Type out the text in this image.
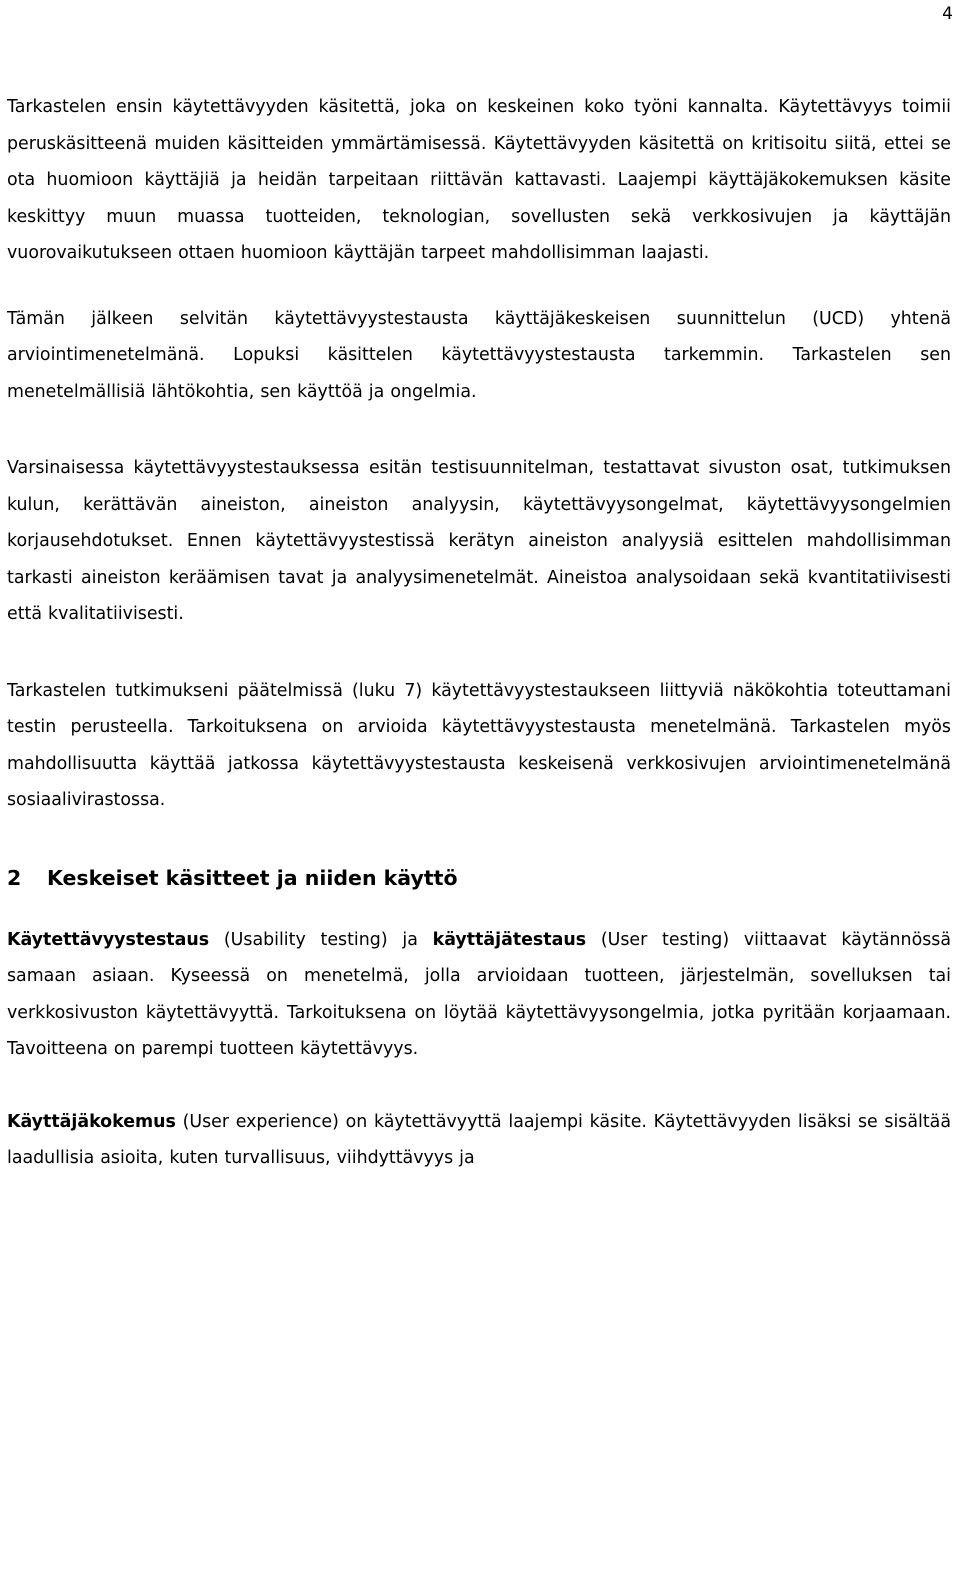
4

Tarkastelen ensin käytettävyyden käsitettä, joka on keskeinen koko työni kannalta. Käytettävyys toimii peruskäsitteenä muiden käsitteiden ymmärtämisessä. Käytettävyyden käsitettä on kritisoitu siitä, ettei se ota huomioon käyttäjiä ja heidän tarpeitaan riittävän kattavasti. Laajempi käyttäjäkokemuksen käsite keskittyy muun muassa tuotteiden, teknologian, sovellusten sekä verkkosivujen ja käyttäjän vuorovaikutukseen ottaen huomioon käyttäjän tarpeet mahdollisimman laajasti.

Tämän jälkeen selvitän käytettävyystestausta käyttäjäkeskeisen suunnittelun (UCD) yhtenä arviointimenetelmänä. Lopuksi käsittelen käytettävyystestausta tarkemmin. Tarkastelen sen menetelmällisiä lähtökohtia, sen käyttöä ja ongelmia.

Varsinaisessa käytettävyystestauksessa esitän testisuunnitelman, testattavat sivuston osat, tutkimuksen kulun, kerättävän aineiston, aineiston analyysin, käytettävyysongelmat, käytettävyysongelmien korjausehdotukset. Ennen käytettävyystestissä kerätyn aineiston analyysiä esittelen mahdollisimman tarkasti aineiston keräämisen tavat ja analyysimenetelmät. Aineistoa analysoidaan sekä kvantitatiivisesti että kvalitatiivisesti.

Tarkastelen tutkimukseni päätelmissä (luku 7) käytettävyystestaukseen liittyviä näkökohtia toteuttamani testin perusteella. Tarkoituksena on arvioida käytettävyystestausta menetelmänä. Tarkastelen myös mahdollisuutta käyttää jatkossa käytettävyystestausta keskeisenä verkkosivujen arviointimenetelmänä sosiaalivirastossa.

2 Keskeiset käsitteet ja niiden käyttö

Käytettävyystestaus (Usability testing) ja käyttäjätestaus (User testing) viittaavat käytännössä samaan asiaan. Kyseessä on menetelmä, jolla arvioidaan tuotteen, järjestelmän, sovelluksen tai verkkosivuston käytettävyyttä. Tarkoituksena on löytää käytettävyysongelmia, jotka pyritään korjaamaan. Tavoitteena on parempi tuotteen käytettävyys.

Käyttäjäkokemus (User experience) on käytettävyyttä laajempi käsite. Käytettävyyden lisäksi se sisältää laadullisia asioita, kuten turvallisuus, viihdyttävyys ja
